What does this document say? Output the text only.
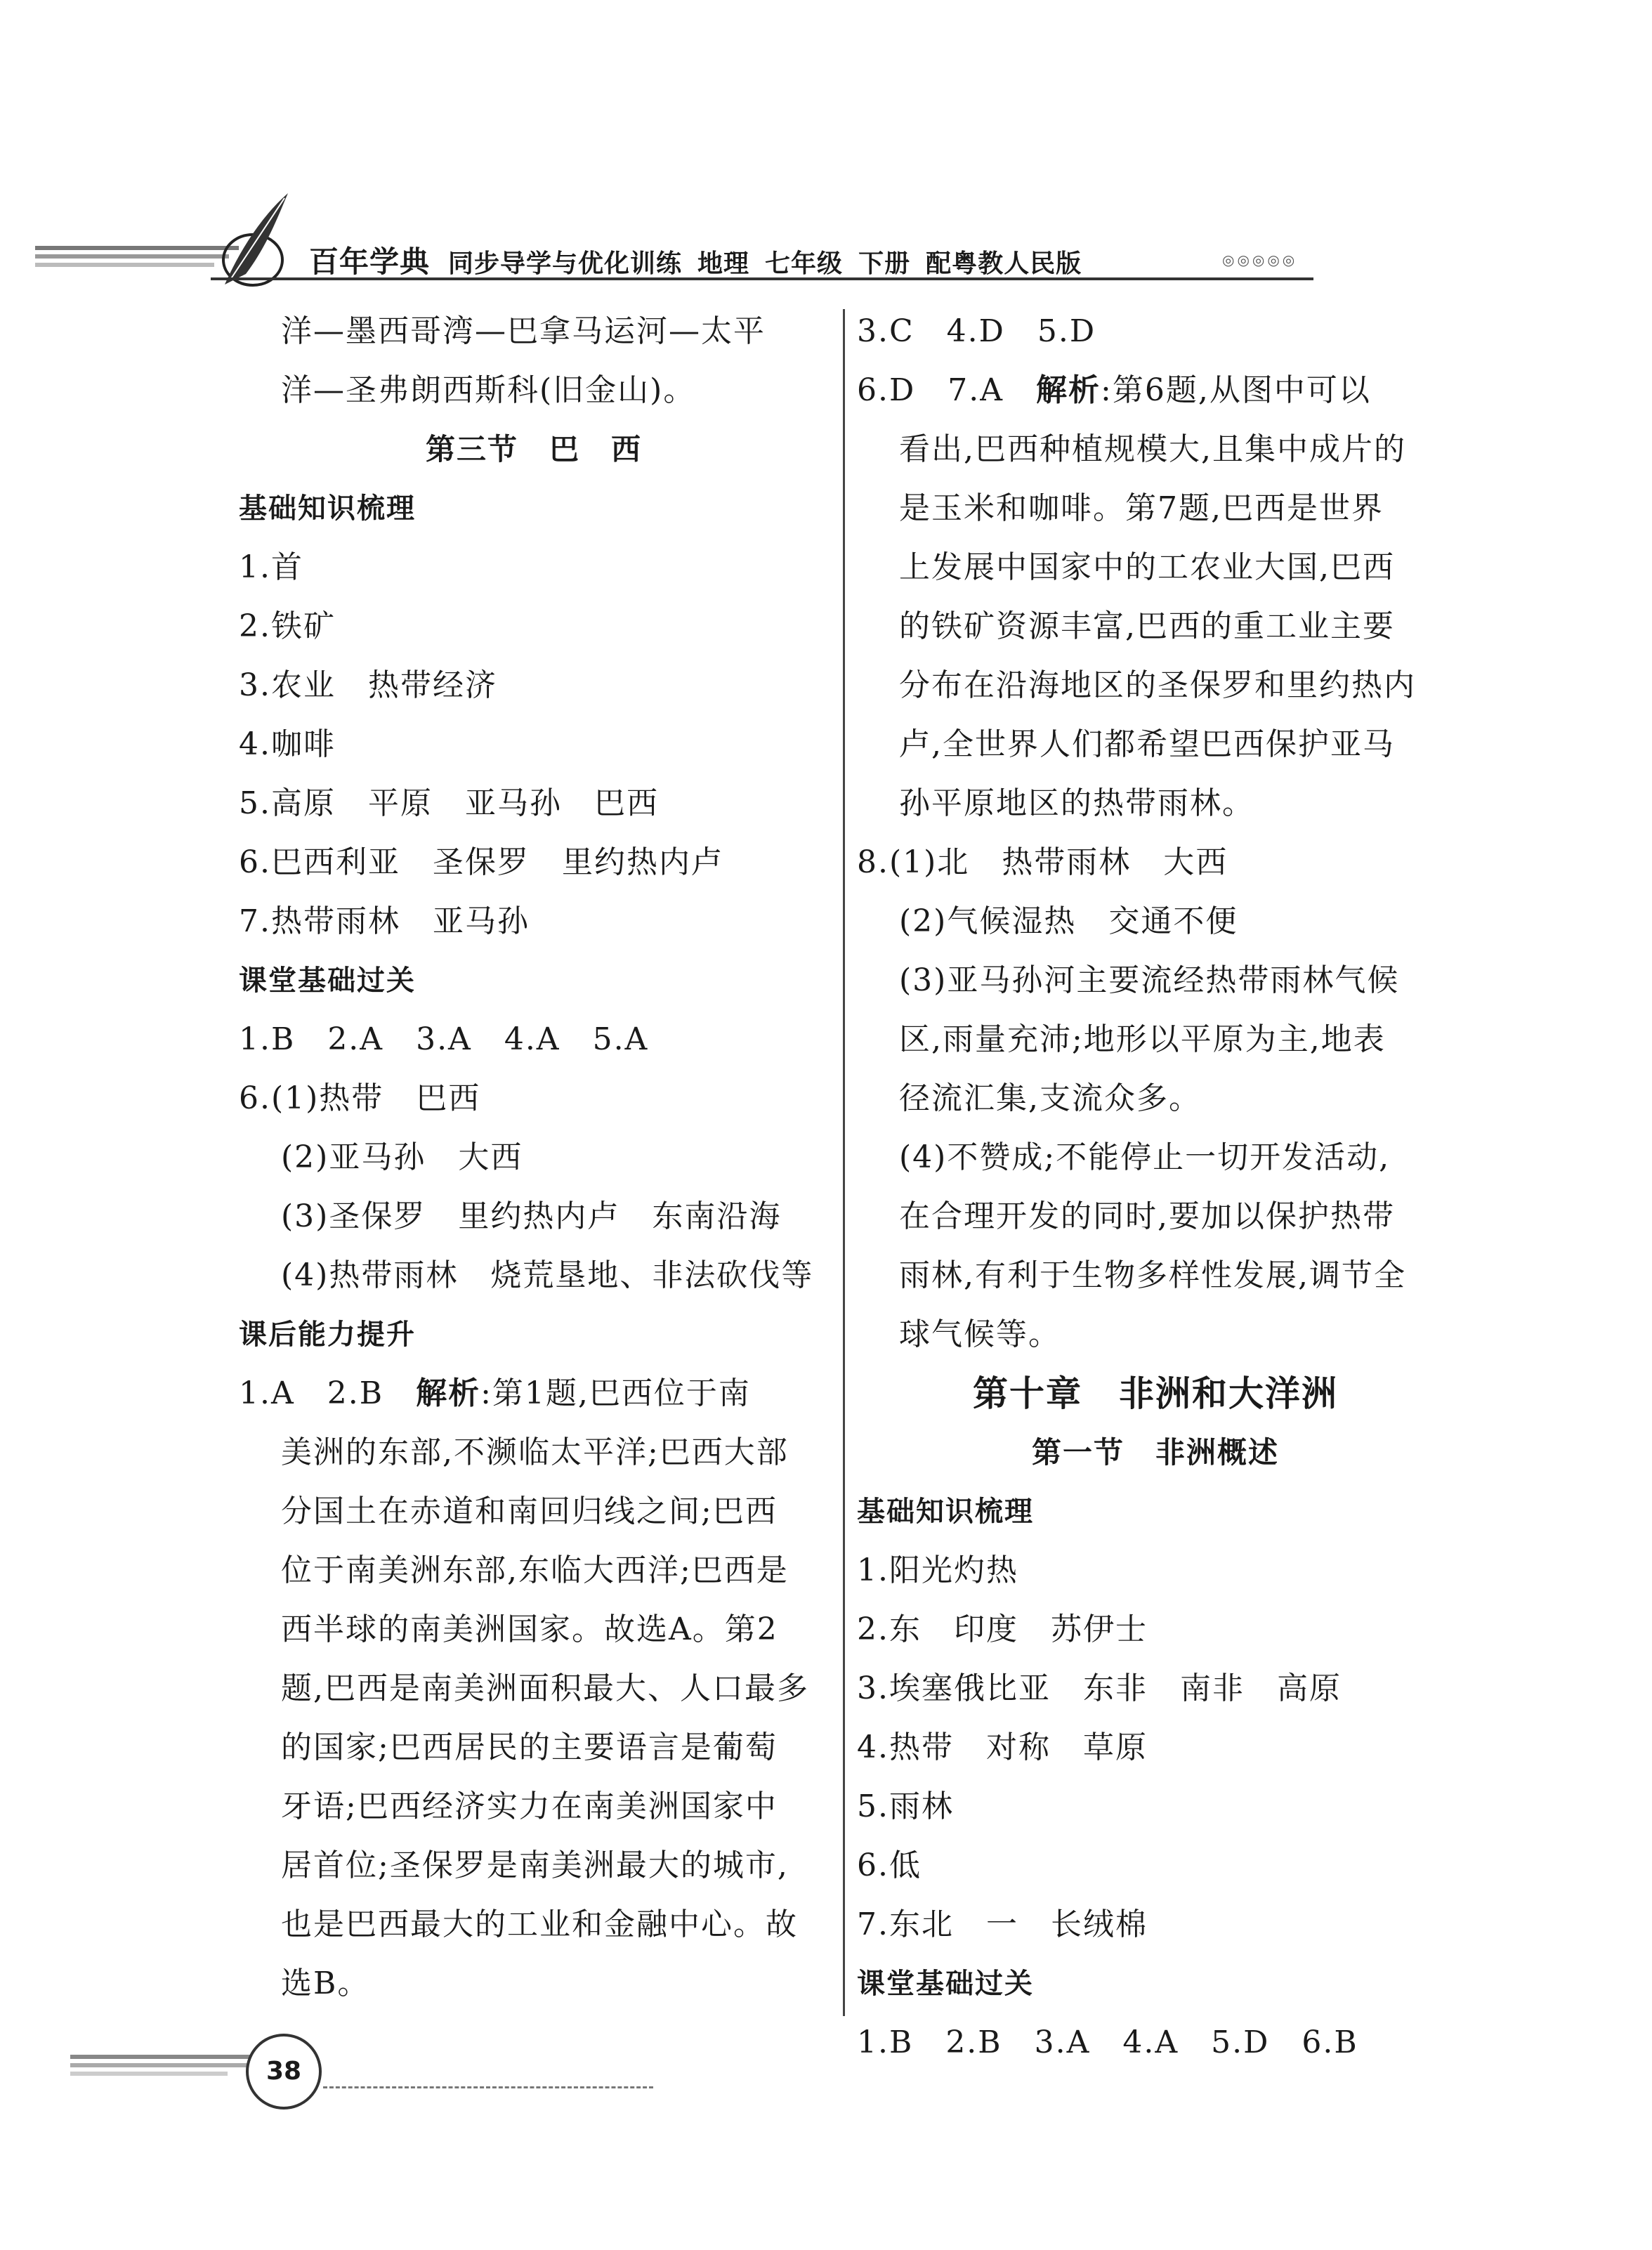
百年学典 同步导学与优化训练 地理 七年级 下册 配粤教人民版	◎◎◎◎◎
洋—墨西哥湾—巴拿马运河—太平
洋—圣弗朗西斯科(旧金山)。
第三节　巴　西
基础知识梳理
1.首
2.铁矿
3.农业　热带经济
4.咖啡
5.高原　平原　亚马孙　巴西
6.巴西利亚　圣保罗　里约热内卢
7.热带雨林　亚马孙
课堂基础过关
1.B　2.A　3.A　4.A　5.A
6.(1)热带　巴西
(2)亚马孙　大西
(3)圣保罗　里约热内卢　东南沿海
(4)热带雨林　烧荒垦地、非法砍伐等
课后能力提升
1.A　2.B　解析:第1题,巴西位于南
美洲的东部,不濒临太平洋;巴西大部
分国土在赤道和南回归线之间;巴西
位于南美洲东部,东临大西洋;巴西是
西半球的南美洲国家。故选A。第2
题,巴西是南美洲面积最大、人口最多
的国家;巴西居民的主要语言是葡萄
牙语;巴西经济实力在南美洲国家中
居首位;圣保罗是南美洲最大的城市,
也是巴西最大的工业和金融中心。故
选B。
3.C　4.D　5.D
6.D　7.A　解析:第6题,从图中可以
看出,巴西种植规模大,且集中成片的
是玉米和咖啡。第7题,巴西是世界
上发展中国家中的工农业大国,巴西
的铁矿资源丰富,巴西的重工业主要
分布在沿海地区的圣保罗和里约热内
卢,全世界人们都希望巴西保护亚马
孙平原地区的热带雨林。
8.(1)北　热带雨林　大西
(2)气候湿热　交通不便
(3)亚马孙河主要流经热带雨林气候
区,雨量充沛;地形以平原为主,地表
径流汇集,支流众多。
(4)不赞成;不能停止一切开发活动,
在合理开发的同时,要加以保护热带
雨林,有利于生物多样性发展,调节全
球气候等。
第十章　非洲和大洋洲
第一节　非洲概述
基础知识梳理
1.阳光灼热
2.东　印度　苏伊士
3.埃塞俄比亚　东非　南非　高原
4.热带　对称　草原
5.雨林
6.低
7.东北　一　长绒棉
课堂基础过关
1.B　2.B　3.A　4.A　5.D　6.B
38
